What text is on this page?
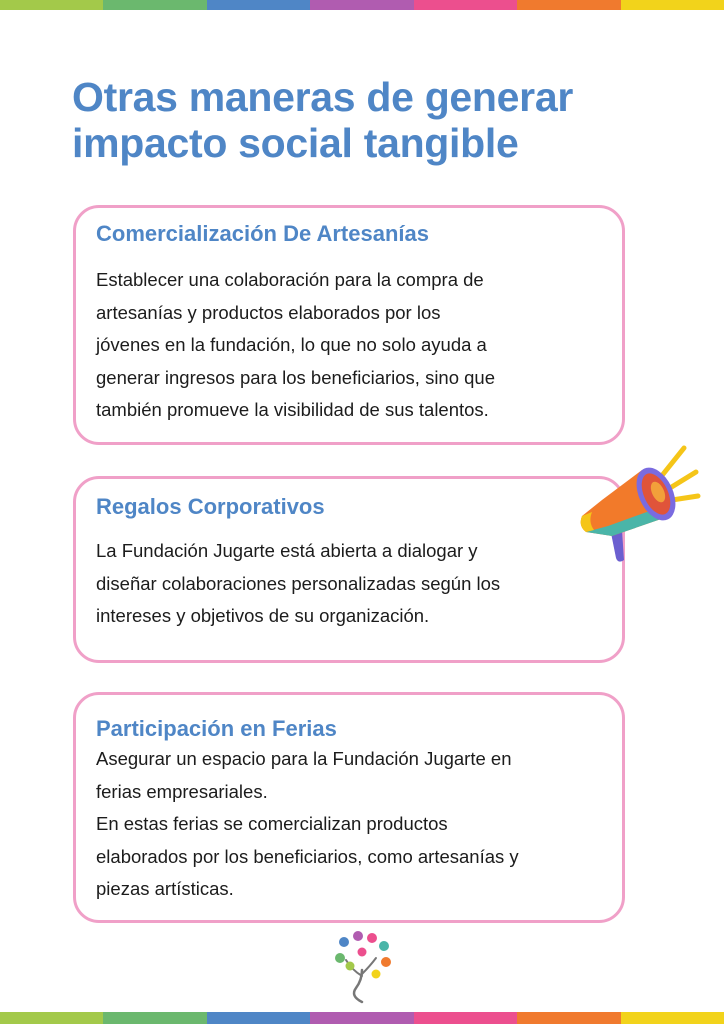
Otras maneras de generar
impacto social tangible
Comercialización De Artesanías

Establecer una colaboración para la compra de
artesanías y productos elaborados por los
jóvenes en la fundación, lo que no solo ayuda a
generar ingresos para los beneficiarios, sino que
también promueve la visibilidad de sus talentos.

Regalos Corporativos

La Fundación Jugarte está abierta a dialogar y
diseñar colaboraciones personalizadas según los
intereses y objetivos de su organización.

Participación en Ferias

Asegurar un espacio para la Fundación Jugarte en
ferias empresariales.
En estas ferias se comercializan productos
elaborados por los beneficiarios, como artesanías y
piezas artísticas.
